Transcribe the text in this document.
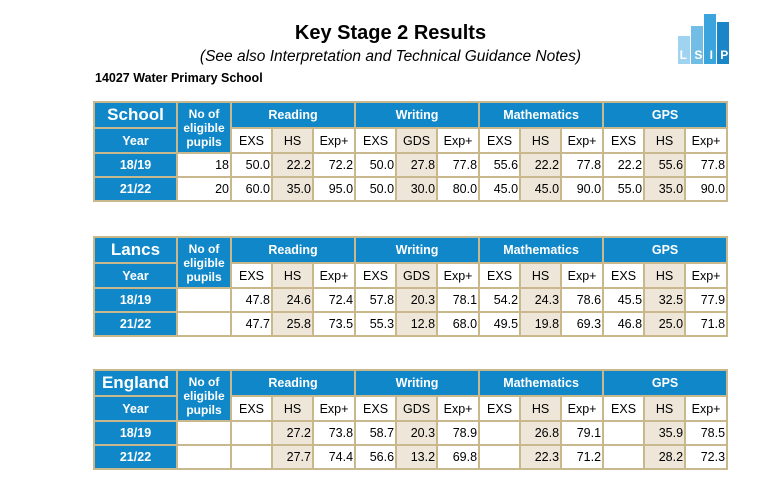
Key Stage 2 Results
(See also Interpretation and Technical Guidance Notes)
14027 Water Primary School
L S I P
School	No of eligible pupils	Reading			Writing			Mathematics			GPS		
Year		EXS	HS	Exp+	EXS	GDS	Exp+	EXS	HS	Exp+	EXS	HS	Exp+
18/19	18	50.0	22.2	72.2	50.0	27.8	77.8	55.6	22.2	77.8	22.2	55.6	77.8
21/22	20	60.0	35.0	95.0	50.0	30.0	80.0	45.0	45.0	90.0	55.0	35.0	90.0
Lancs	No of eligible pupils	Reading			Writing			Mathematics			GPS		
Year		EXS	HS	Exp+	EXS	GDS	Exp+	EXS	HS	Exp+	EXS	HS	Exp+
18/19		47.8	24.6	72.4	57.8	20.3	78.1	54.2	24.3	78.6	45.5	32.5	77.9
21/22		47.7	25.8	73.5	55.3	12.8	68.0	49.5	19.8	69.3	46.8	25.0	71.8
England	No of eligible pupils	Reading			Writing			Mathematics			GPS		
Year		EXS	HS	Exp+	EXS	GDS	Exp+	EXS	HS	Exp+	EXS	HS	Exp+
18/19			27.2	73.8	58.7	20.3	78.9		26.8	79.1		35.9	78.5
21/22			27.7	74.4	56.6	13.2	69.8		22.3	71.2		28.2	72.3
